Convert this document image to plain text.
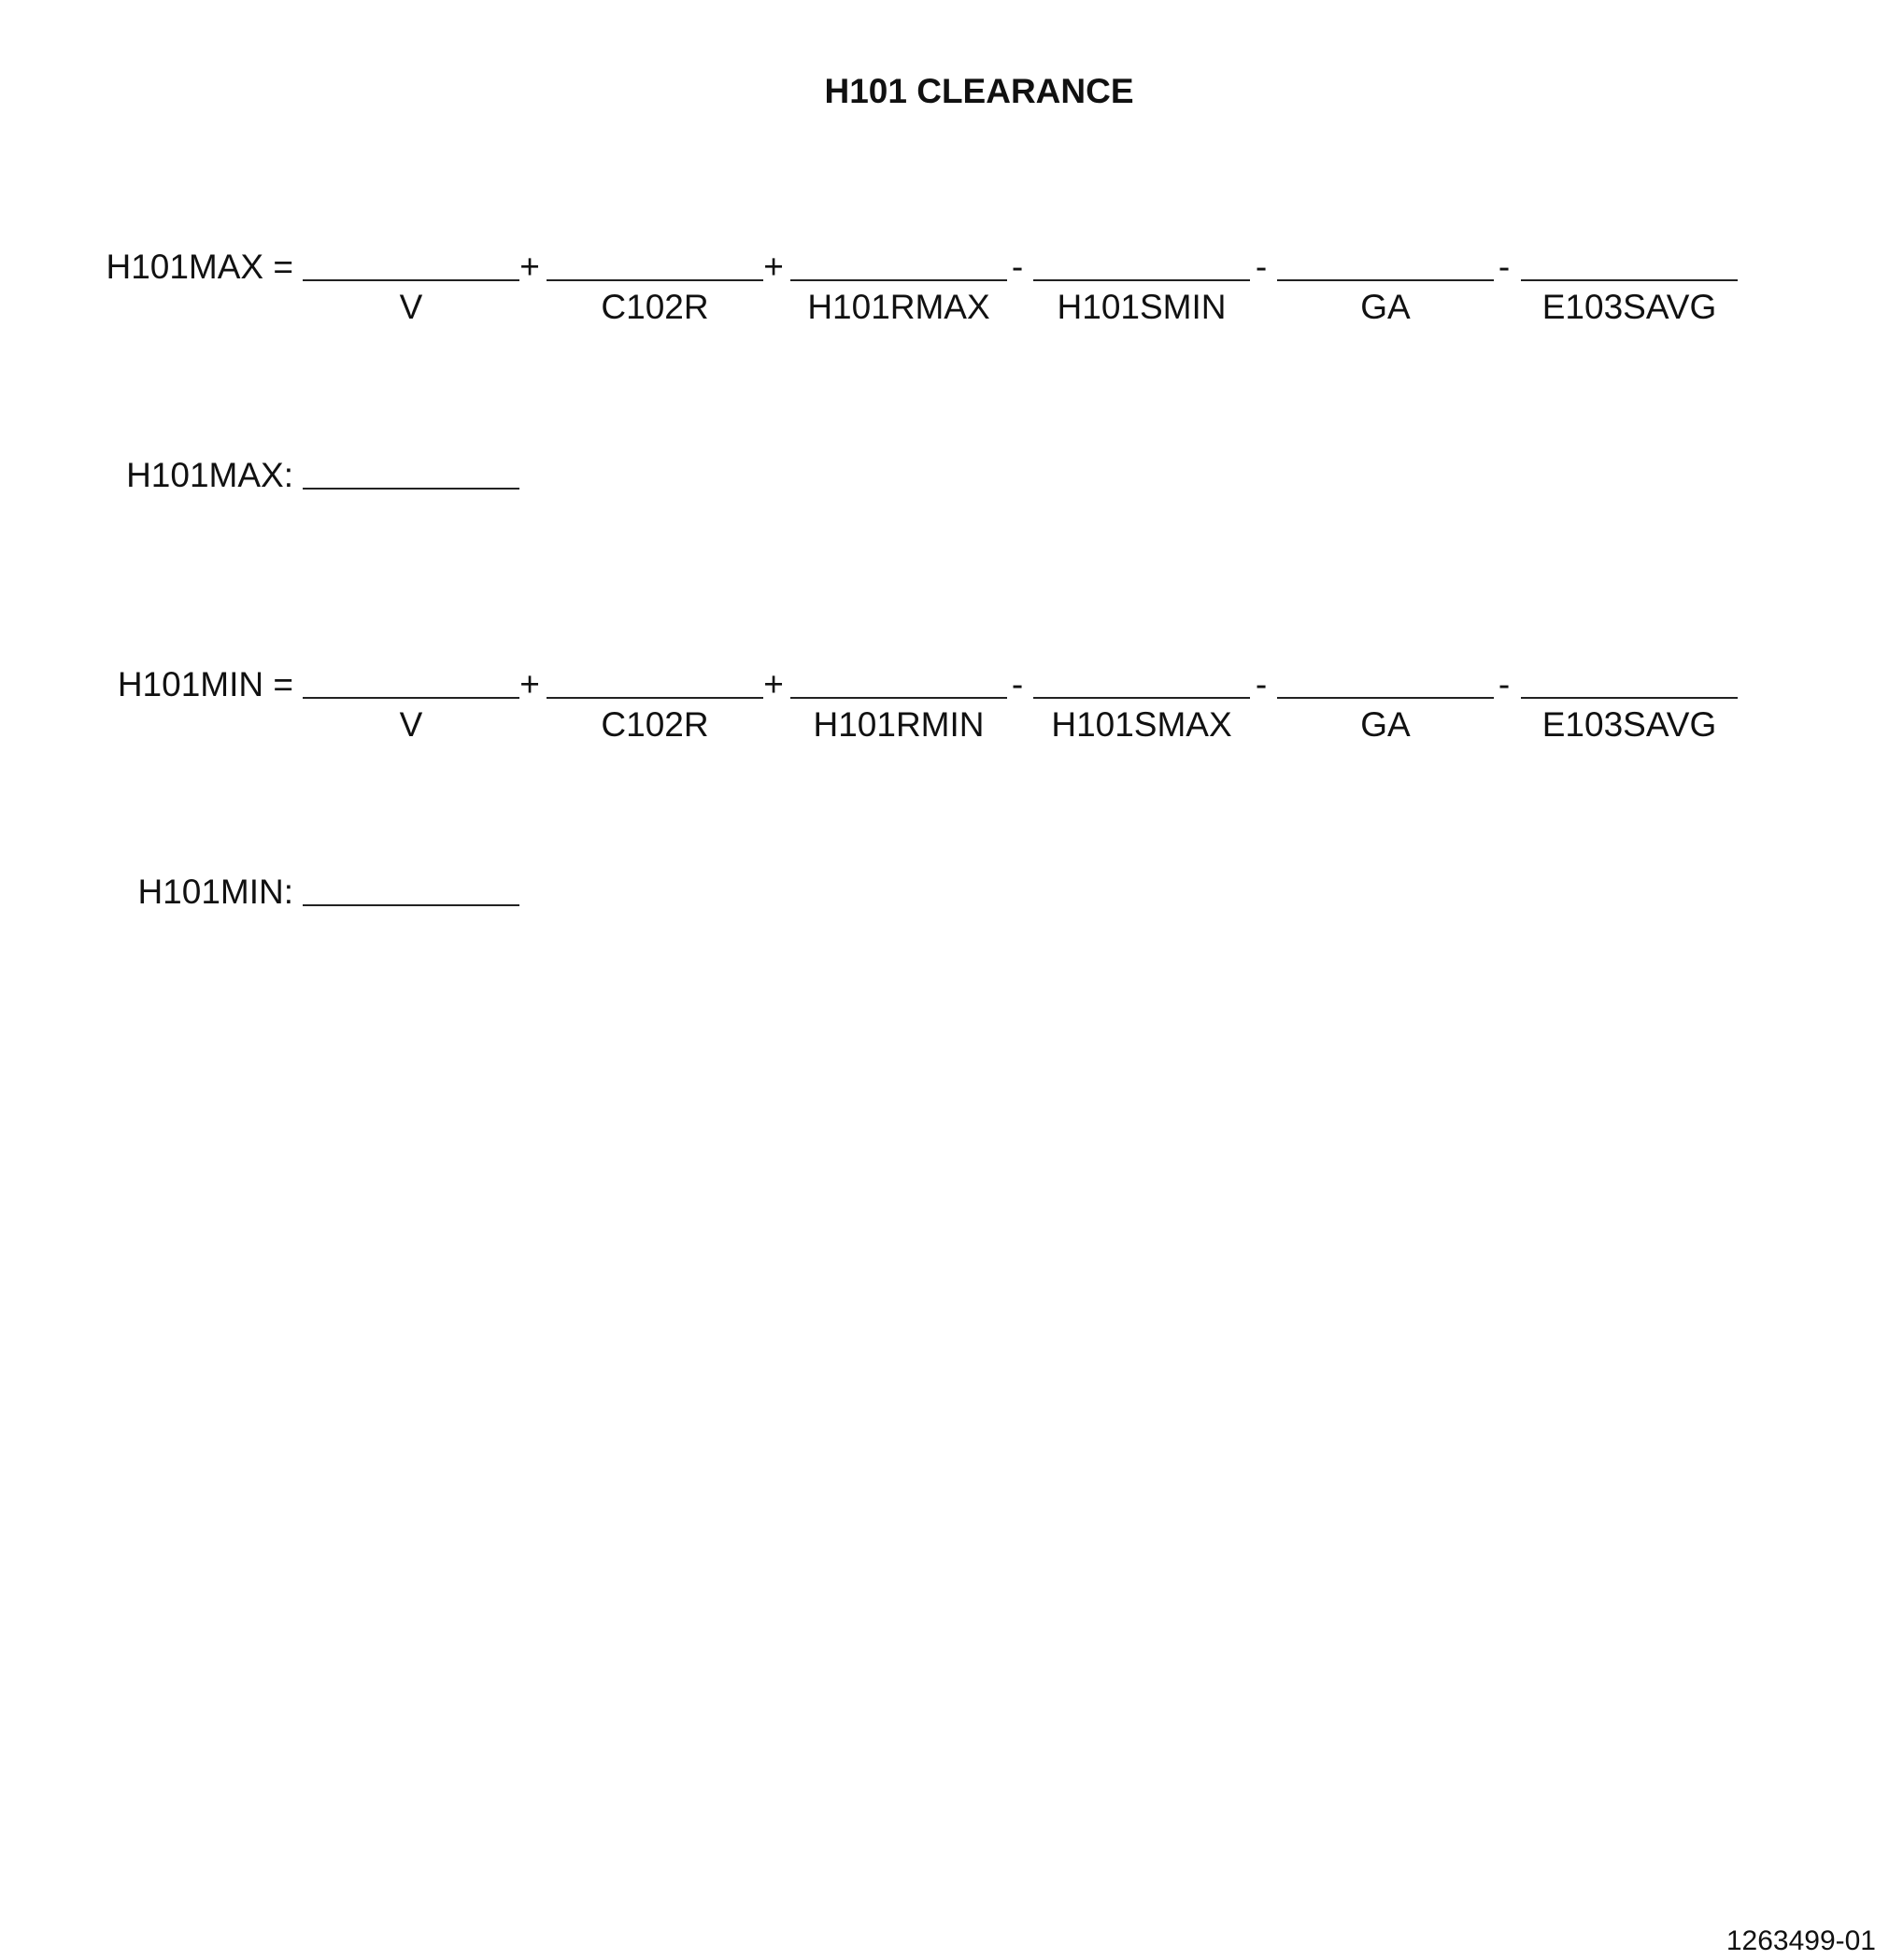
H101 CLEARANCE
H101MAX =
V
+
C102R
+
H101RMAX
-
H101SMIN
-
GA
-
E103SAVG
H101MAX:
H101MIN =
V
+
C102R
+
H101RMIN
-
H101SMAX
-
GA
-
E103SAVG
H101MIN:
1263499-01
